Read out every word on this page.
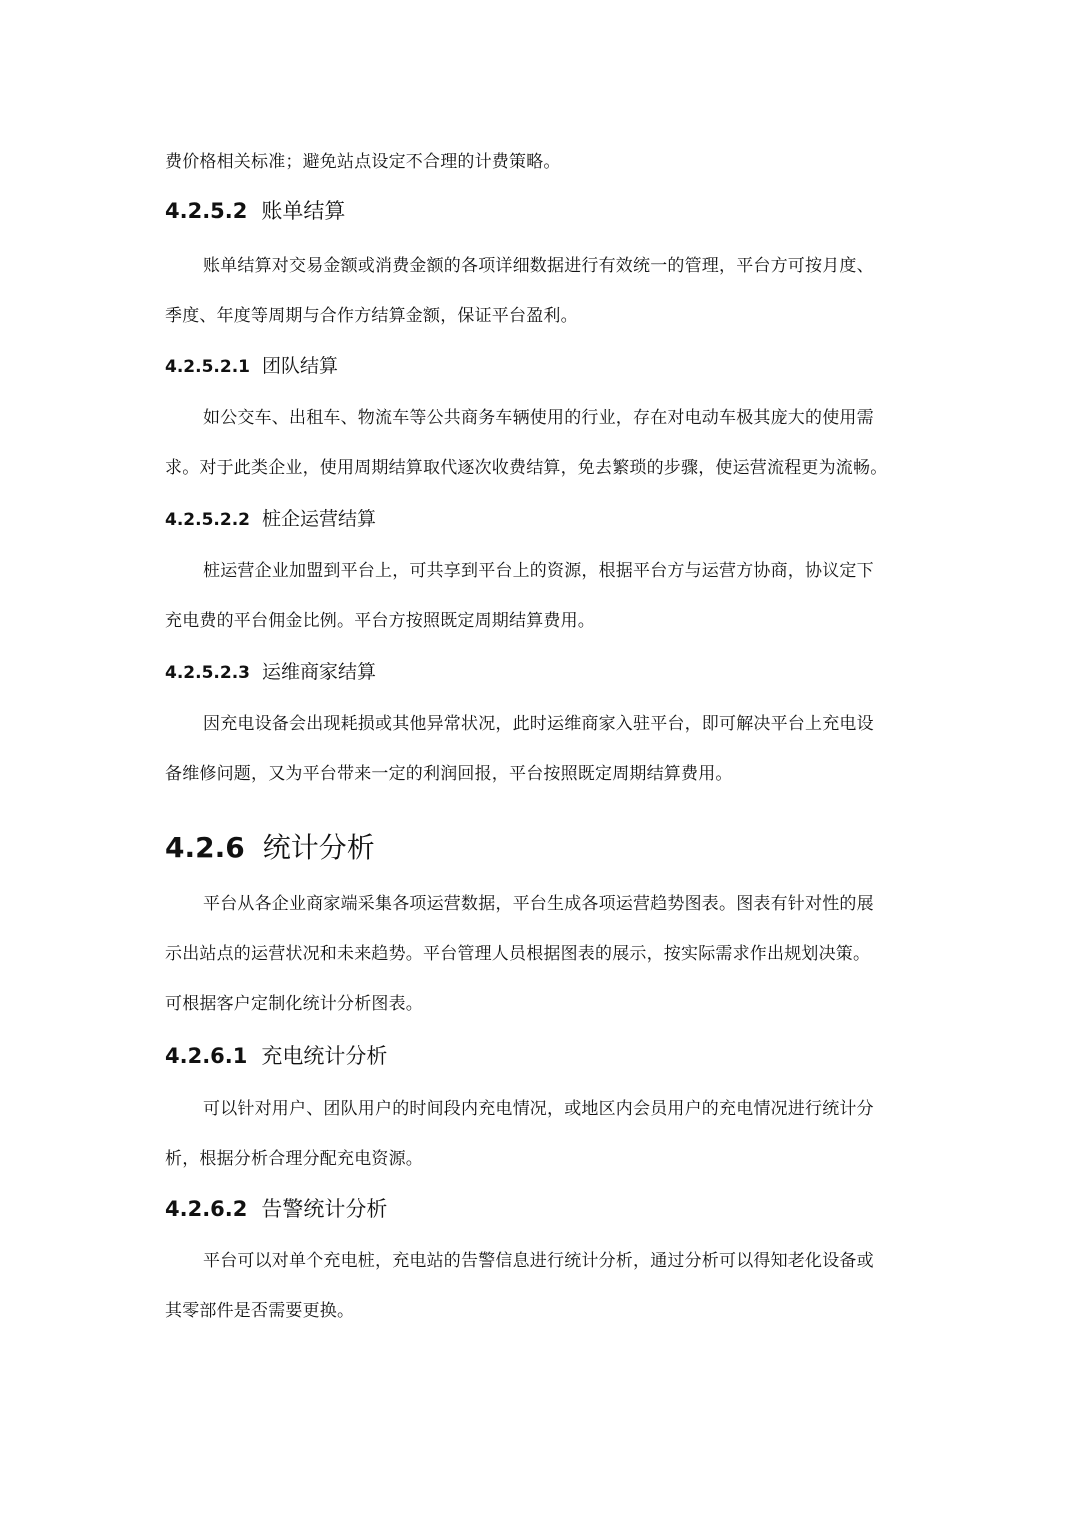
费价格相关标准；避免站点设定不合理的计费策略。

4.2.5.2 账单结算

账单结算对交易金额或消费金额的各项详细数据进行有效统一的管理，平台方可按月度、

季度、年度等周期与合作方结算金额，保证平台盈利。

4.2.5.2.1 团队结算

如公交车、出租车、物流车等公共商务车辆使用的行业，存在对电动车极其庞大的使用需

求。对于此类企业，使用周期结算取代逐次收费结算，免去繁琐的步骤，使运营流程更为流畅。

4.2.5.2.2 桩企运营结算

桩运营企业加盟到平台上，可共享到平台上的资源，根据平台方与运营方协商，协议定下

充电费的平台佣金比例。平台方按照既定周期结算费用。

4.2.5.2.3 运维商家结算

因充电设备会出现耗损或其他异常状况，此时运维商家入驻平台，即可解决平台上充电设

备维修问题，又为平台带来一定的利润回报，平台按照既定周期结算费用。

4.2.6 统计分析

平台从各企业商家端采集各项运营数据，平台生成各项运营趋势图表。图表有针对性的展

示出站点的运营状况和未来趋势。平台管理人员根据图表的展示，按实际需求作出规划决策。

可根据客户定制化统计分析图表。

4.2.6.1 充电统计分析

可以针对用户、团队用户的时间段内充电情况，或地区内会员用户的充电情况进行统计分

析，根据分析合理分配充电资源。

4.2.6.2 告警统计分析

平台可以对单个充电桩，充电站的告警信息进行统计分析，通过分析可以得知老化设备或

其零部件是否需要更换。
